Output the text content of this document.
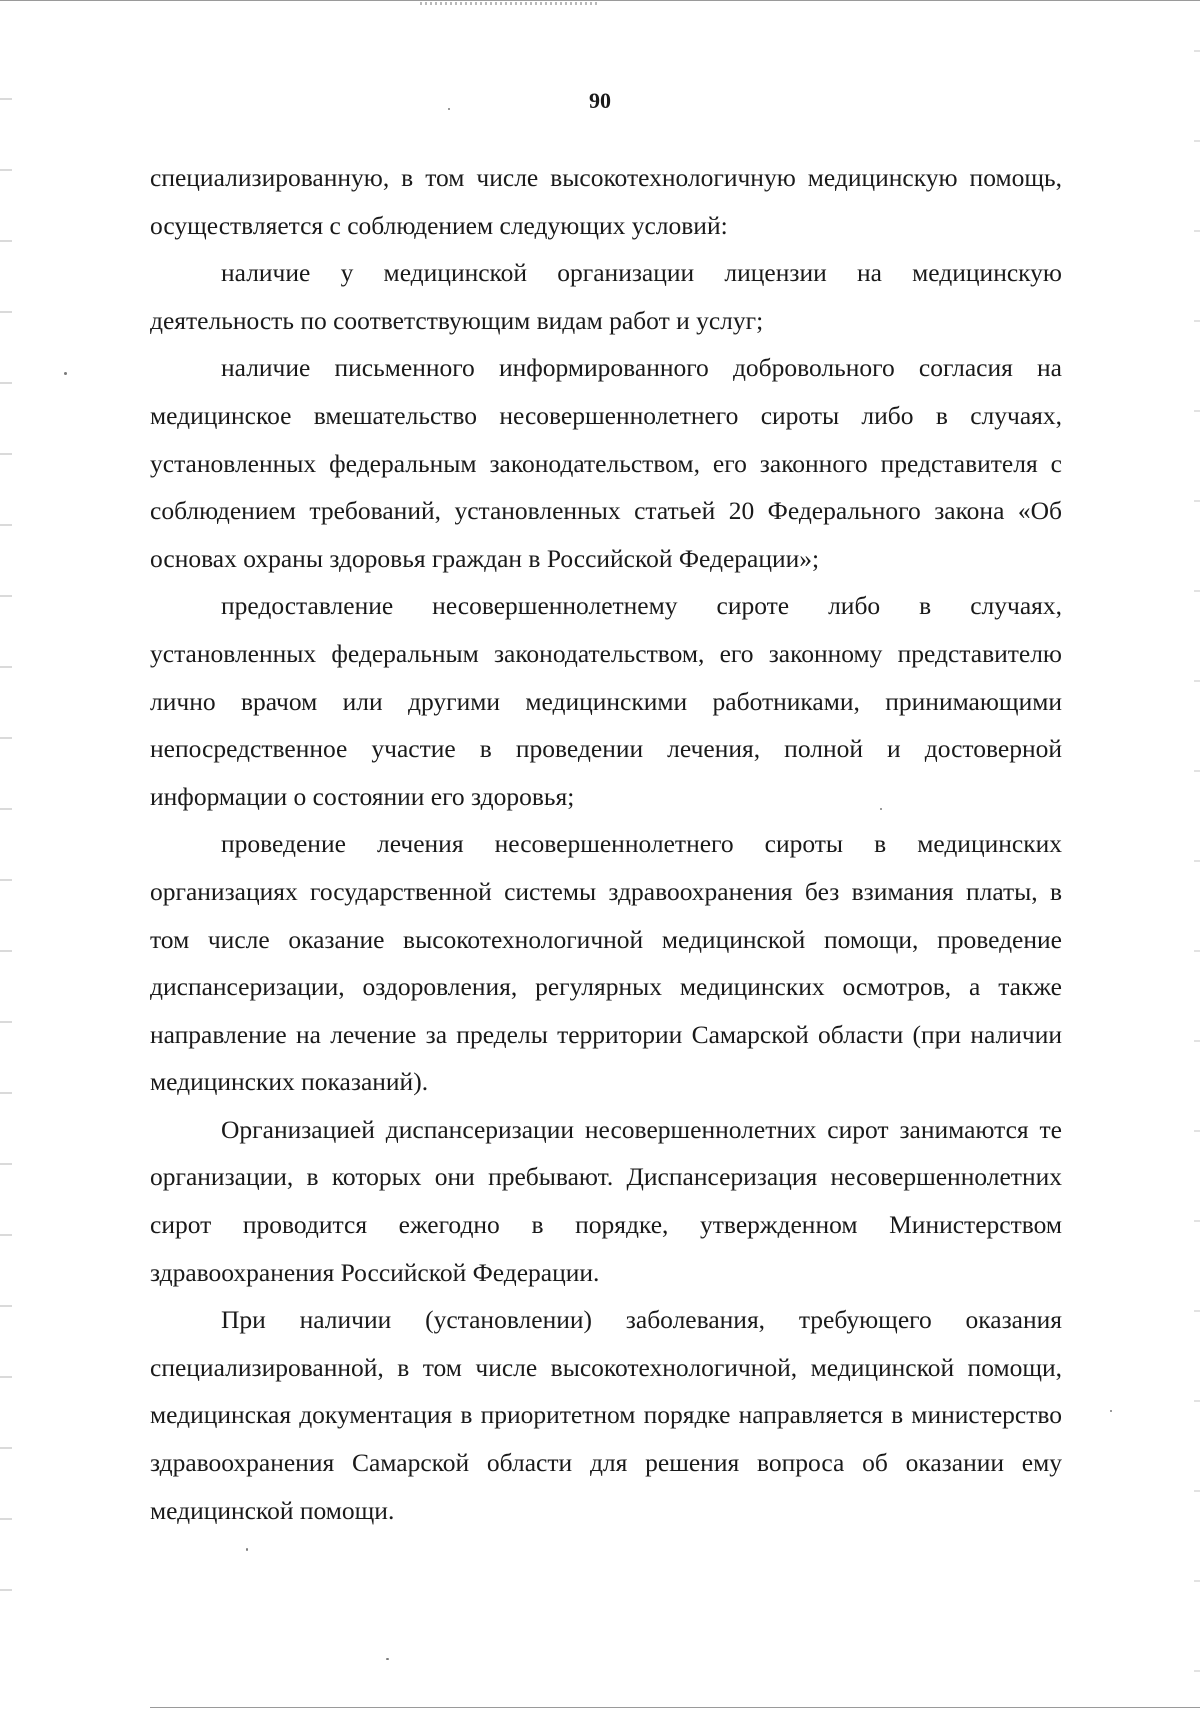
90

специализированную, в том числе высокотехнологичную медицинскую помощь, осуществляется с соблюдением следующих условий:

наличие у медицинской организации лицензии на медицинскую деятельность по соответствующим видам работ и услуг;

наличие письменного информированного добровольного согласия на медицинское вмешательство несовершеннолетнего сироты либо в случаях, установленных федеральным законодательством, его законного представителя с соблюдением требований, установленных статьей 20 Федерального закона «Об основах охраны здоровья граждан в Российской Федерации»;

предоставление несовершеннолетнему сироте либо в случаях, установленных федеральным законодательством, его законному представителю лично врачом или другими медицинскими работниками, принимающими непосредственное участие в проведении лечения, полной и достоверной информации о состоянии его здоровья;

проведение лечения несовершеннолетнего сироты в медицинских организациях государственной системы здравоохранения без взимания платы, в том числе оказание высокотехнологичной медицинской помощи, проведение диспансеризации, оздоровления, регулярных медицинских осмотров, а также направление на лечение за пределы территории Самарской области (при наличии медицинских показаний).

Организацией диспансеризации несовершеннолетних сирот занимаются те организации, в которых они пребывают. Диспансеризация несовершеннолетних сирот проводится ежегодно в порядке, утвержденном Министерством здравоохранения Российской Федерации.

При наличии (установлении) заболевания, требующего оказания специализированной, в том числе высокотехнологичной, медицинской помощи, медицинская документация в приоритетном порядке направляется в министерство здравоохранения Самарской области для решения вопроса об оказании ему медицинской помощи.
